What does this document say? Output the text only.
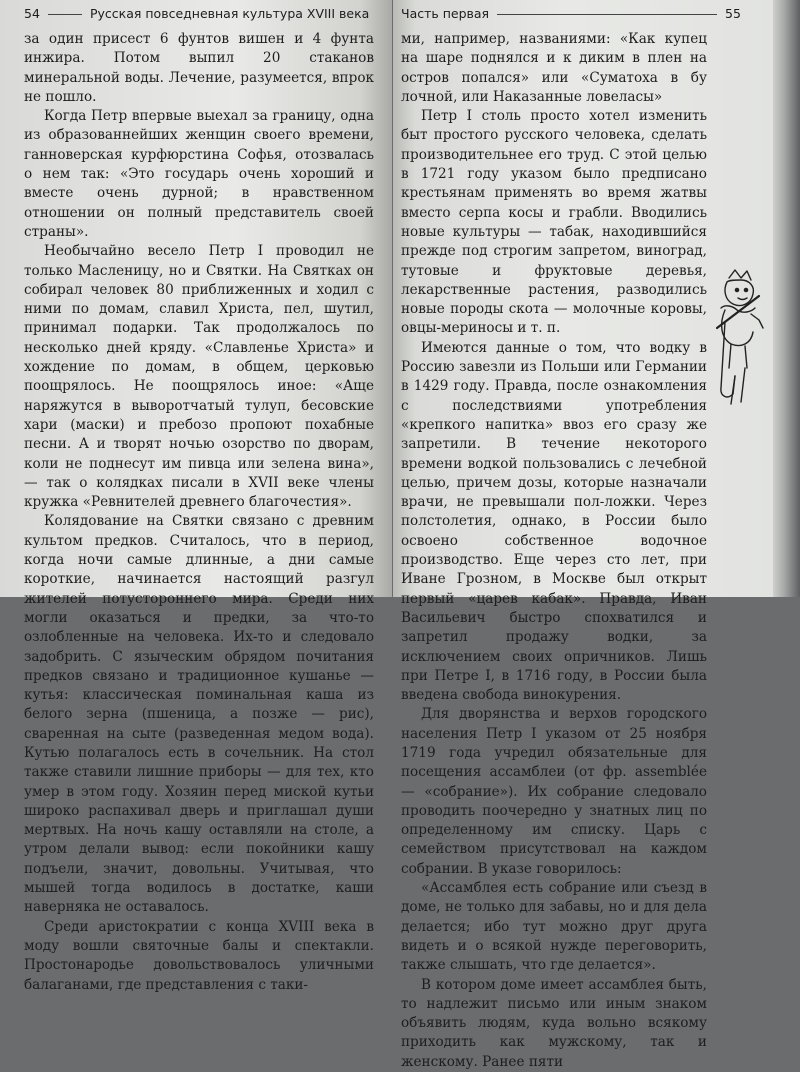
54	Русская повседневная культура XVIII века

за один присест 6 фунтов вишен и 4 фунта инжира. Потом выпил 20 стаканов минеральной воды. Лечение, разумеется, впрок не пошло.

Когда Петр впервые выехал за границу, одна из образованнейших женщин своего времени, ганноверская курфюрстина Софья, отозвалась о нем так: «Это государь очень хороший и вместе очень дурной; в нравственном отношении он полный представитель своей страны».

Необычайно весело Петр I проводил не только Масленицу, но и Святки. На Святках он собирал человек 80 приближенных и ходил с ними по домам, славил Христа, пел, шутил, принимал подарки. Так продолжалось по несколько дней кряду. «Славленье Христа» и хождение по домам, в общем, церковью поощрялось. Не поощрялось иное: «Аще наряжутся в выворотчатый тулуп, бесовские хари (маски) и пребозо пропоют похабные песни. А и творят ночью озорство по дворам, коли не поднесут им пивца или зелена вина», — так о колядках писали в XVII веке члены кружка «Ревнителей древнего благочестия».

Колядование на Святки связано с древним культом предков. Считалось, что в период, когда ночи самые длинные, а дни самые короткие, начинается настоящий разгул жителей потустороннего мира. Среди них могли оказаться и предки, за что-то озлобленные на человека. Их-то и следовало задобрить. С языческим обрядом почитания предков связано и традиционное кушанье — кутья: классическая поминальная каша из белого зерна (пшеница, а позже — рис), сваренная на сыте (разведенная медом вода). Кутью полагалось есть в сочельник. На стол также ставили лишние приборы — для тех, кто умер в этом году. Хозяин перед миской кутьи широко распахивал дверь и приглашал души мертвых. На ночь кашу оставляли на столе, а утром делали вывод: если покойники кашу подъели, значит, довольны. Учитывая, что мышей тогда водилось в достатке, каши наверняка не оставалось.

Среди аристократии с конца XVIII века в моду вошли святочные балы и спектакли. Простонародье довольствовалось уличными балаганами, где представления с таки-

Часть первая	55

ми, например, названиями: «Как купец на шаре поднялся и к диким в плен на остров попался» или «Суматоха в бу лочной, или Наказанные ловеласы»

Петр I столь просто хотел изменить быт простого русского человека, сделать производительнее его труд. С этой целью в 1721 году указом было предписано крестьянам применять во время жатвы вместо серпа косы и грабли. Вводились новые культуры — табак, находившийся прежде под строгим запретом, виноград, тутовые и фруктовые деревья, лекарственные растения, разводились новые породы скота — молочные коровы, овцы-мериносы и т. п.

Имеются данные о том, что водку в Россию завезли из Польши или Германии в 1429 году. Правда, после ознакомления с последствиями употребления «крепкого напитка» ввоз его сразу же запретили. В течение некоторого времени водкой пользовались с лечебной целью, причем дозы, которые назначали врачи, не превышали пол-ложки. Через полстолетия, однако, в России было освоено собственное водочное производство. Еще через сто лет, при Иване Грозном, в Москве был открыт первый «царев кабак». Правда, Иван Васильевич быстро спохватился и запретил продажу водки, за исключением своих опричников. Лишь при Петре I, в 1716 году, в России была введена свобода винокурения.

Для дворянства и верхов городского населения Петр I указом от 25 ноября 1719 года учредил обязательные для посещения ассамблеи (от фр. assemblée — «собрание»). Их собрание следовало проводить поочередно у знатных лиц по определенному им списку. Царь с семейством присутствовал на каждом собрании. В указе говорилось:

«Ассамблея есть собрание или съезд в доме, не только для забавы, но и для дела делается; ибо тут можно друг друга видеть и о всякой нужде переговорить, также слышать, что где делается».

В котором доме имеет ассамблея быть, то надлежит письмо или иным знаком объявить людям, куда вольно всякому приходить как мужскому, так и женскому. Ранее пяти
